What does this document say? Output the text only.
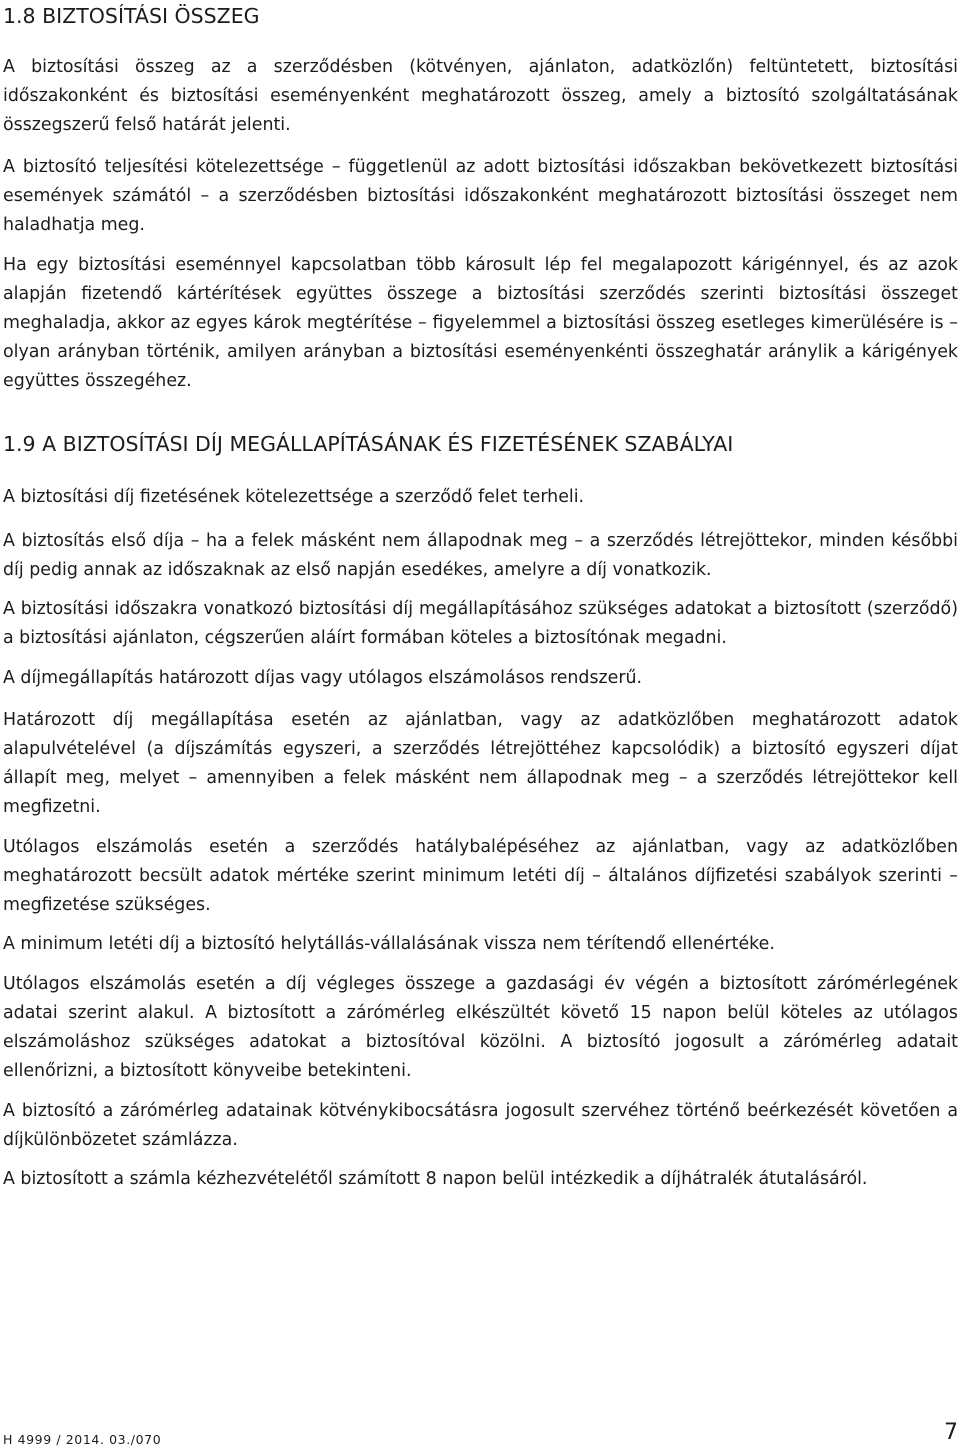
1.8 BIZTOSÍTÁSI ÖSSZEG

A biztosítási összeg az a szerződésben (kötvényen, ajánlaton, adatközlőn) feltüntetett, biztosítási időszakonként és biztosítási eseményenként meghatározott összeg, amely a biztosító szolgáltatásának összegszerű felső határát jelenti.

A biztosító teljesítési kötelezettsége – függetlenül az adott biztosítási időszakban bekövetkezett biztosítási események számától – a szerződésben biztosítási időszakonként meghatározott biztosítási összeget nem haladhatja meg.

Ha egy biztosítási eseménnyel kapcsolatban több károsult lép fel megalapozott kárigénnyel, és az azok alapján fizetendő kártérítések együttes összege a biztosítási szerződés szerinti biztosítási összeget meghaladja, akkor az egyes károk megtérítése – figyelemmel a biztosítási összeg esetleges kimerülésére is – olyan arányban történik, amilyen arányban a biztosítási eseményenkénti összeghatár aránylik a kárigények együttes összegéhez.

1.9 A BIZTOSÍTÁSI DÍJ MEGÁLLAPÍTÁSÁNAK ÉS FIZETÉSÉNEK SZABÁLYAI

A biztosítási díj fizetésének kötelezettsége a szerződő felet terheli.

A biztosítás első díja – ha a felek másként nem állapodnak meg – a szerződés létrejöttekor, minden későbbi díj pedig annak az időszaknak az első napján esedékes, amelyre a díj vonatkozik.

A biztosítási időszakra vonatkozó biztosítási díj megállapításához szükséges adatokat a biztosított (szerződő) a biztosítási ajánlaton, cégszerűen aláírt formában köteles a biztosítónak megadni.

A díjmegállapítás határozott díjas vagy utólagos elszámolásos rendszerű.

Határozott díj megállapítása esetén az ajánlatban, vagy az adatközlőben meghatározott adatok alapulvételével (a díjszámítás egyszeri, a szerződés létrejöttéhez kapcsolódik) a biztosító egyszeri díjat állapít meg, melyet – amennyiben a felek másként nem állapodnak meg – a szerződés létrejöttekor kell megfizetni.

Utólagos elszámolás esetén a szerződés hatálybalépéséhez az ajánlatban, vagy az adatközlőben meghatározott becsült adatok mértéke szerint minimum letéti díj – általános díjfizetési szabályok szerinti – megfizetése szükséges.

A minimum letéti díj a biztosító helytállás-vállalásának vissza nem térítendő ellenértéke.

Utólagos elszámolás esetén a díj végleges összege a gazdasági év végén a biztosított zárómérlegének adatai szerint alakul. A biztosított a zárómérleg elkészültét követő 15 napon belül köteles az utólagos elszámoláshoz szükséges adatokat a biztosítóval közölni. A biztosító jogosult a zárómérleg adatait ellenőrizni, a biztosított könyveibe betekinteni.

A biztosító a zárómérleg adatainak kötvénykibocsátásra jogosult szervéhez történő beérkezését követően a díjkülönbözetet számlázza.

A biztosított a számla kézhezvételétől számított 8 napon belül intézkedik a díjhátralék átutalásáról.

H 4999 / 2014. 03./070	7
